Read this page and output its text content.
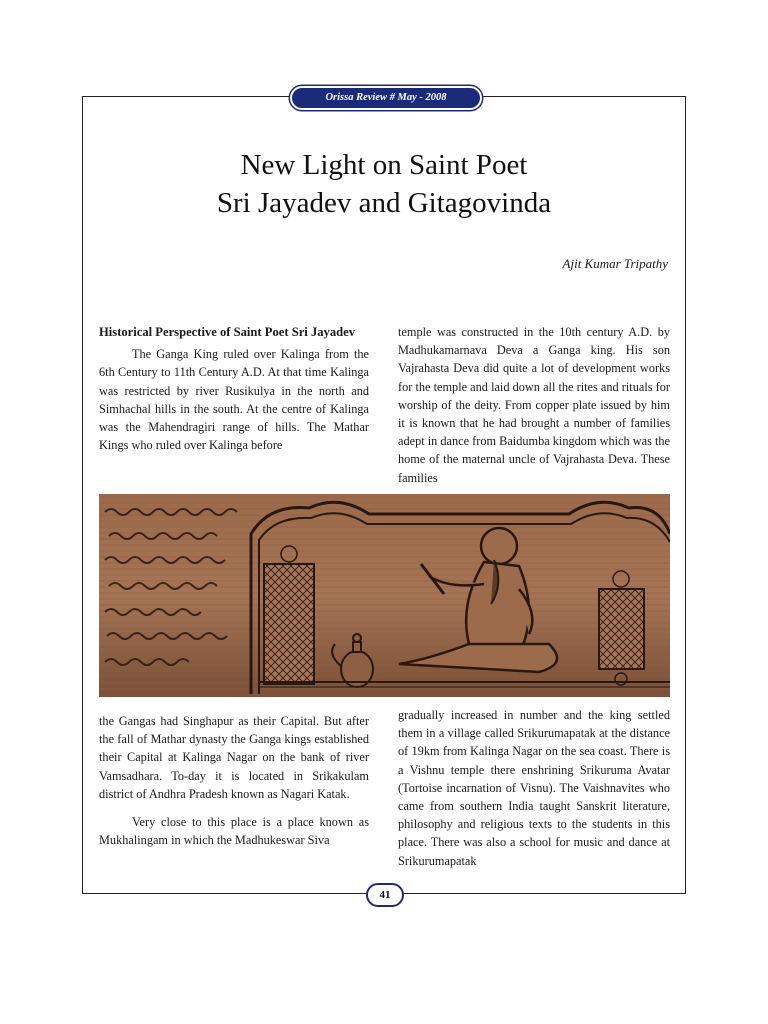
Orissa Review # May - 2008
New Light on Saint Poet
Sri Jayadev and Gitagovinda
Ajit Kumar Tripathy

Historical Perspective of Saint Poet Sri Jayadev

The Ganga King ruled over Kalinga from the 6th Century to 11th Century A.D. At that time Kalinga was restricted by river Rusikulya in the north and Simhachal hills in the south. At the centre of Kalinga was the Mahendragiri range of hills. The Mathar Kings who ruled over Kalinga before

temple was constructed in the 10th century A.D. by Madhukamarnava Deva a Ganga king. His son Vajrahasta Deva did quite a lot of development works for the temple and laid down all the rites and rituals for worship of the deity. From copper plate issued by him it is known that he had brought a number of families adept in dance from Baidumba kingdom which was the home of the maternal uncle of Vajrahasta Deva. These families

the Gangas had Singhapur as their Capital. But after the fall of Mathar dynasty the Ganga kings established their Capital at Kalinga Nagar on the bank of river Vamsadhara. To-day it is located in Srikakulam district of Andhra Pradesh known as Nagari Katak.

Very close to this place is a place known as Mukhalingam in which the Madhukeswar Siva

gradually increased in number and the king settled them in a village called Srikurumapatak at the distance of 19km from Kalinga Nagar on the sea coast. There is a Vishnu temple there enshrining Srikuruma Avatar (Tortoise incarnation of Visnu). The Vaishnavites who came from southern India taught Sanskrit literature, philosophy and religious texts to the students in this place. There was also a school for music and dance at Srikurumapatak

41
